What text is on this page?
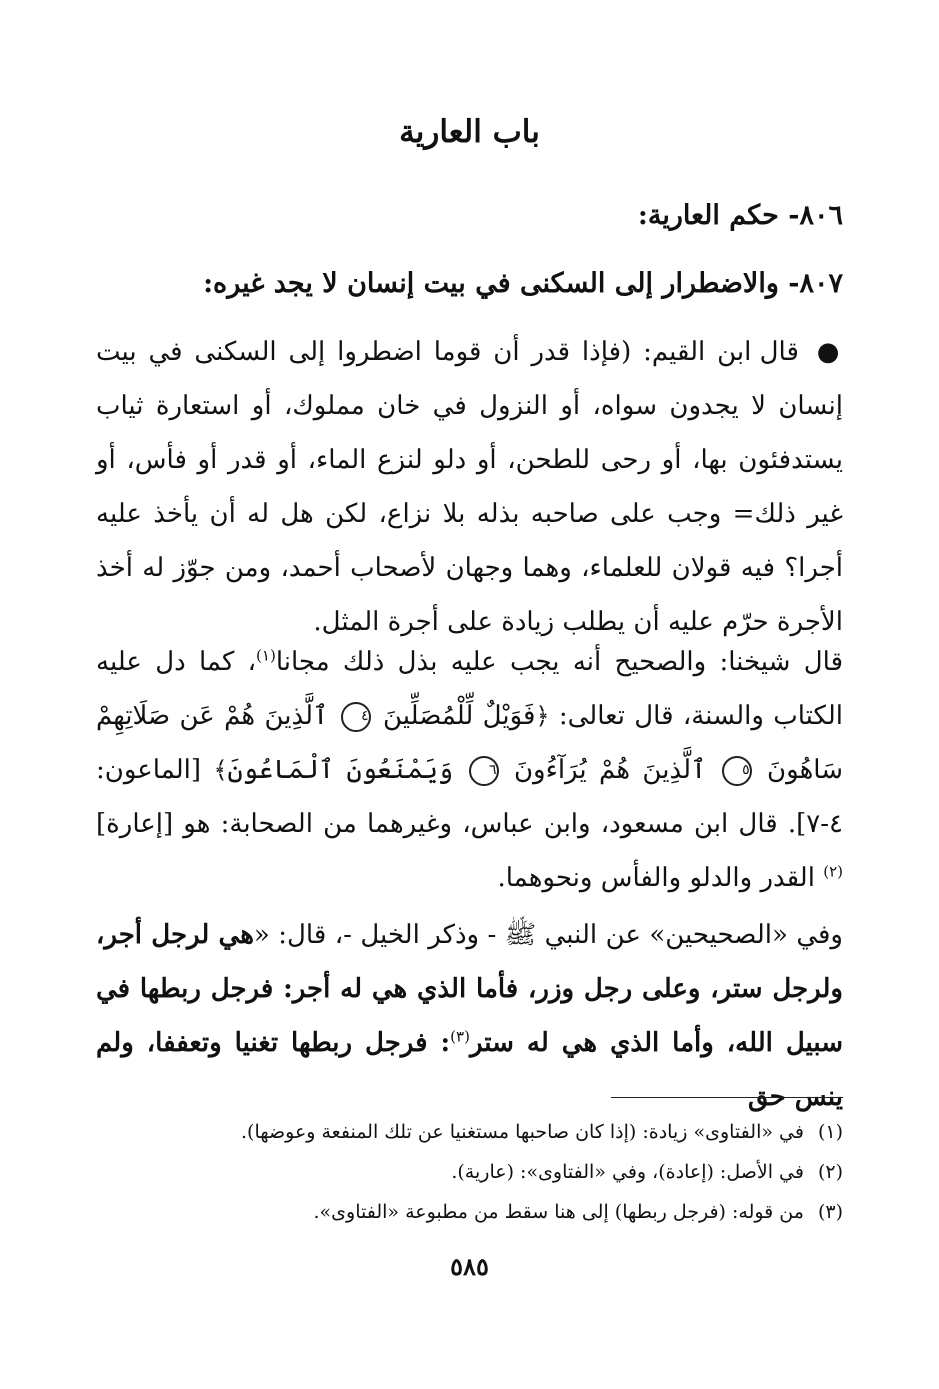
باب العارية
٨٠٦- حكم العارية:
٨٠٧- والاضطرار إلى السكنى في بيت إنسان لا يجد غيره:
● قال ابن القيم: (فإذا قدر أن قوما اضطروا إلى السكنى في بيت إنسان لا يجدون سواه، أو النزول في خان مملوك، أو استعارة ثياب يستدفئون بها، أو رحى للطحن، أو دلو لنزع الماء، أو قدر أو فأس، أو غير ذلك= وجب على صاحبه بذله بلا نزاع، لكن هل له أن يأخذ عليه أجرا؟ فيه قولان للعلماء، وهما وجهان لأصحاب أحمد، ومن جوّز له أخذ الأجرة حرّم عليه أن يطلب زيادة على أجرة المثل.
قال شيخنا: والصحيح أنه يجب عليه بذل ذلك مجانا$^{(١)}$، كما دل عليه الكتاب والسنة، قال تعالى: ﴿فَوَيْلٌ لِّلْمُصَلِّينَ ٤ ٱلَّذِينَ هُمْ عَن صَلَاتِهِمْ سَاهُونَ ٥ ٱلَّذِينَ هُمْ يُرَآءُونَ ٦ وَيَمْنَعُونَ ٱلْمَاعُونَ﴾ [الماعون: ٤-٧]. قال ابن مسعود، وابن عباس، وغيرهما من الصحابة: هو [إعارة]$^{(٢)}$ القدر والدلو والفأس ونحوهما.
وفي «الصحيحين» عن النبي ﷺ - وذكر الخيل -، قال: «هي لرجل أجر، ولرجل ستر، وعلى رجل وزر، فأما الذي هي له أجر: فرجل ربطها في سبيل الله، وأما الذي هي له ستر$^{(٣)}$: فرجل ربطها تغنيا وتعففا، ولم ينس حق
(١)في «الفتاوى» زيادة: (إذا كان صاحبها مستغنيا عن تلك المنفعة وعوضها).
(٢)في الأصل: (إعادة)، وفي «الفتاوى»: (عارية).
(٣)من قوله: (فرجل ربطها) إلى هنا سقط من مطبوعة «الفتاوى».
٥٨٥
